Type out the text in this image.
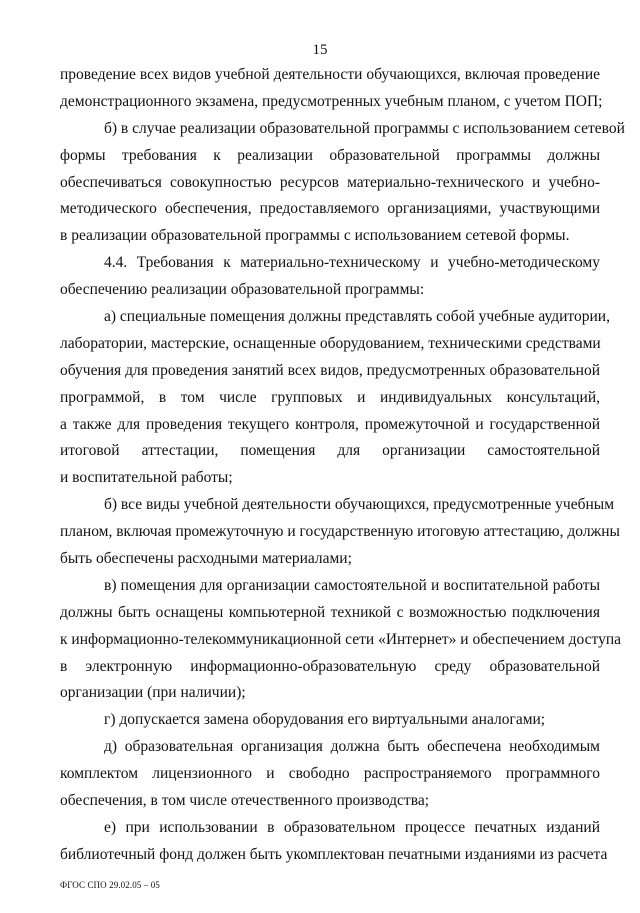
15
проведение всех видов учебной деятельности обучающихся, включая проведение
демонстрационного экзамена, предусмотренных учебным планом, с учетом ПОП;
б) в случае реализации образовательной программы с использованием сетевой
формы требования к реализации образовательной программы должны
обеспечиваться совокупностью ресурсов материально-технического и учебно-
методического обеспечения, предоставляемого организациями, участвующими
в реализации образовательной программы с использованием сетевой формы.
4.4. Требования к материально-техническому и учебно-методическому
обеспечению реализации образовательной программы:
а) специальные помещения должны представлять собой учебные аудитории,
лаборатории, мастерские, оснащенные оборудованием, техническими средствами
обучения для проведения занятий всех видов, предусмотренных образовательной
программой, в том числе групповых и индивидуальных консультаций,
а также для проведения текущего контроля, промежуточной и государственной
итоговой аттестации, помещения для организации самостоятельной
и воспитательной работы;
б) все виды учебной деятельности обучающихся, предусмотренные учебным
планом, включая промежуточную и государственную итоговую аттестацию, должны
быть обеспечены расходными материалами;
в) помещения для организации самостоятельной и воспитательной работы
должны быть оснащены компьютерной техникой с возможностью подключения
к информационно-телекоммуникационной сети «Интернет» и обеспечением доступа
в электронную информационно-образовательную среду образовательной
организации (при наличии);
г) допускается замена оборудования его виртуальными аналогами;
д) образовательная организация должна быть обеспечена необходимым
комплектом лицензионного и свободно распространяемого программного
обеспечения, в том числе отечественного производства;
е) при использовании в образовательном процессе печатных изданий
библиотечный фонд должен быть укомплектован печатными изданиями из расчета
ФГОС СПО 29.02.05 – 05
